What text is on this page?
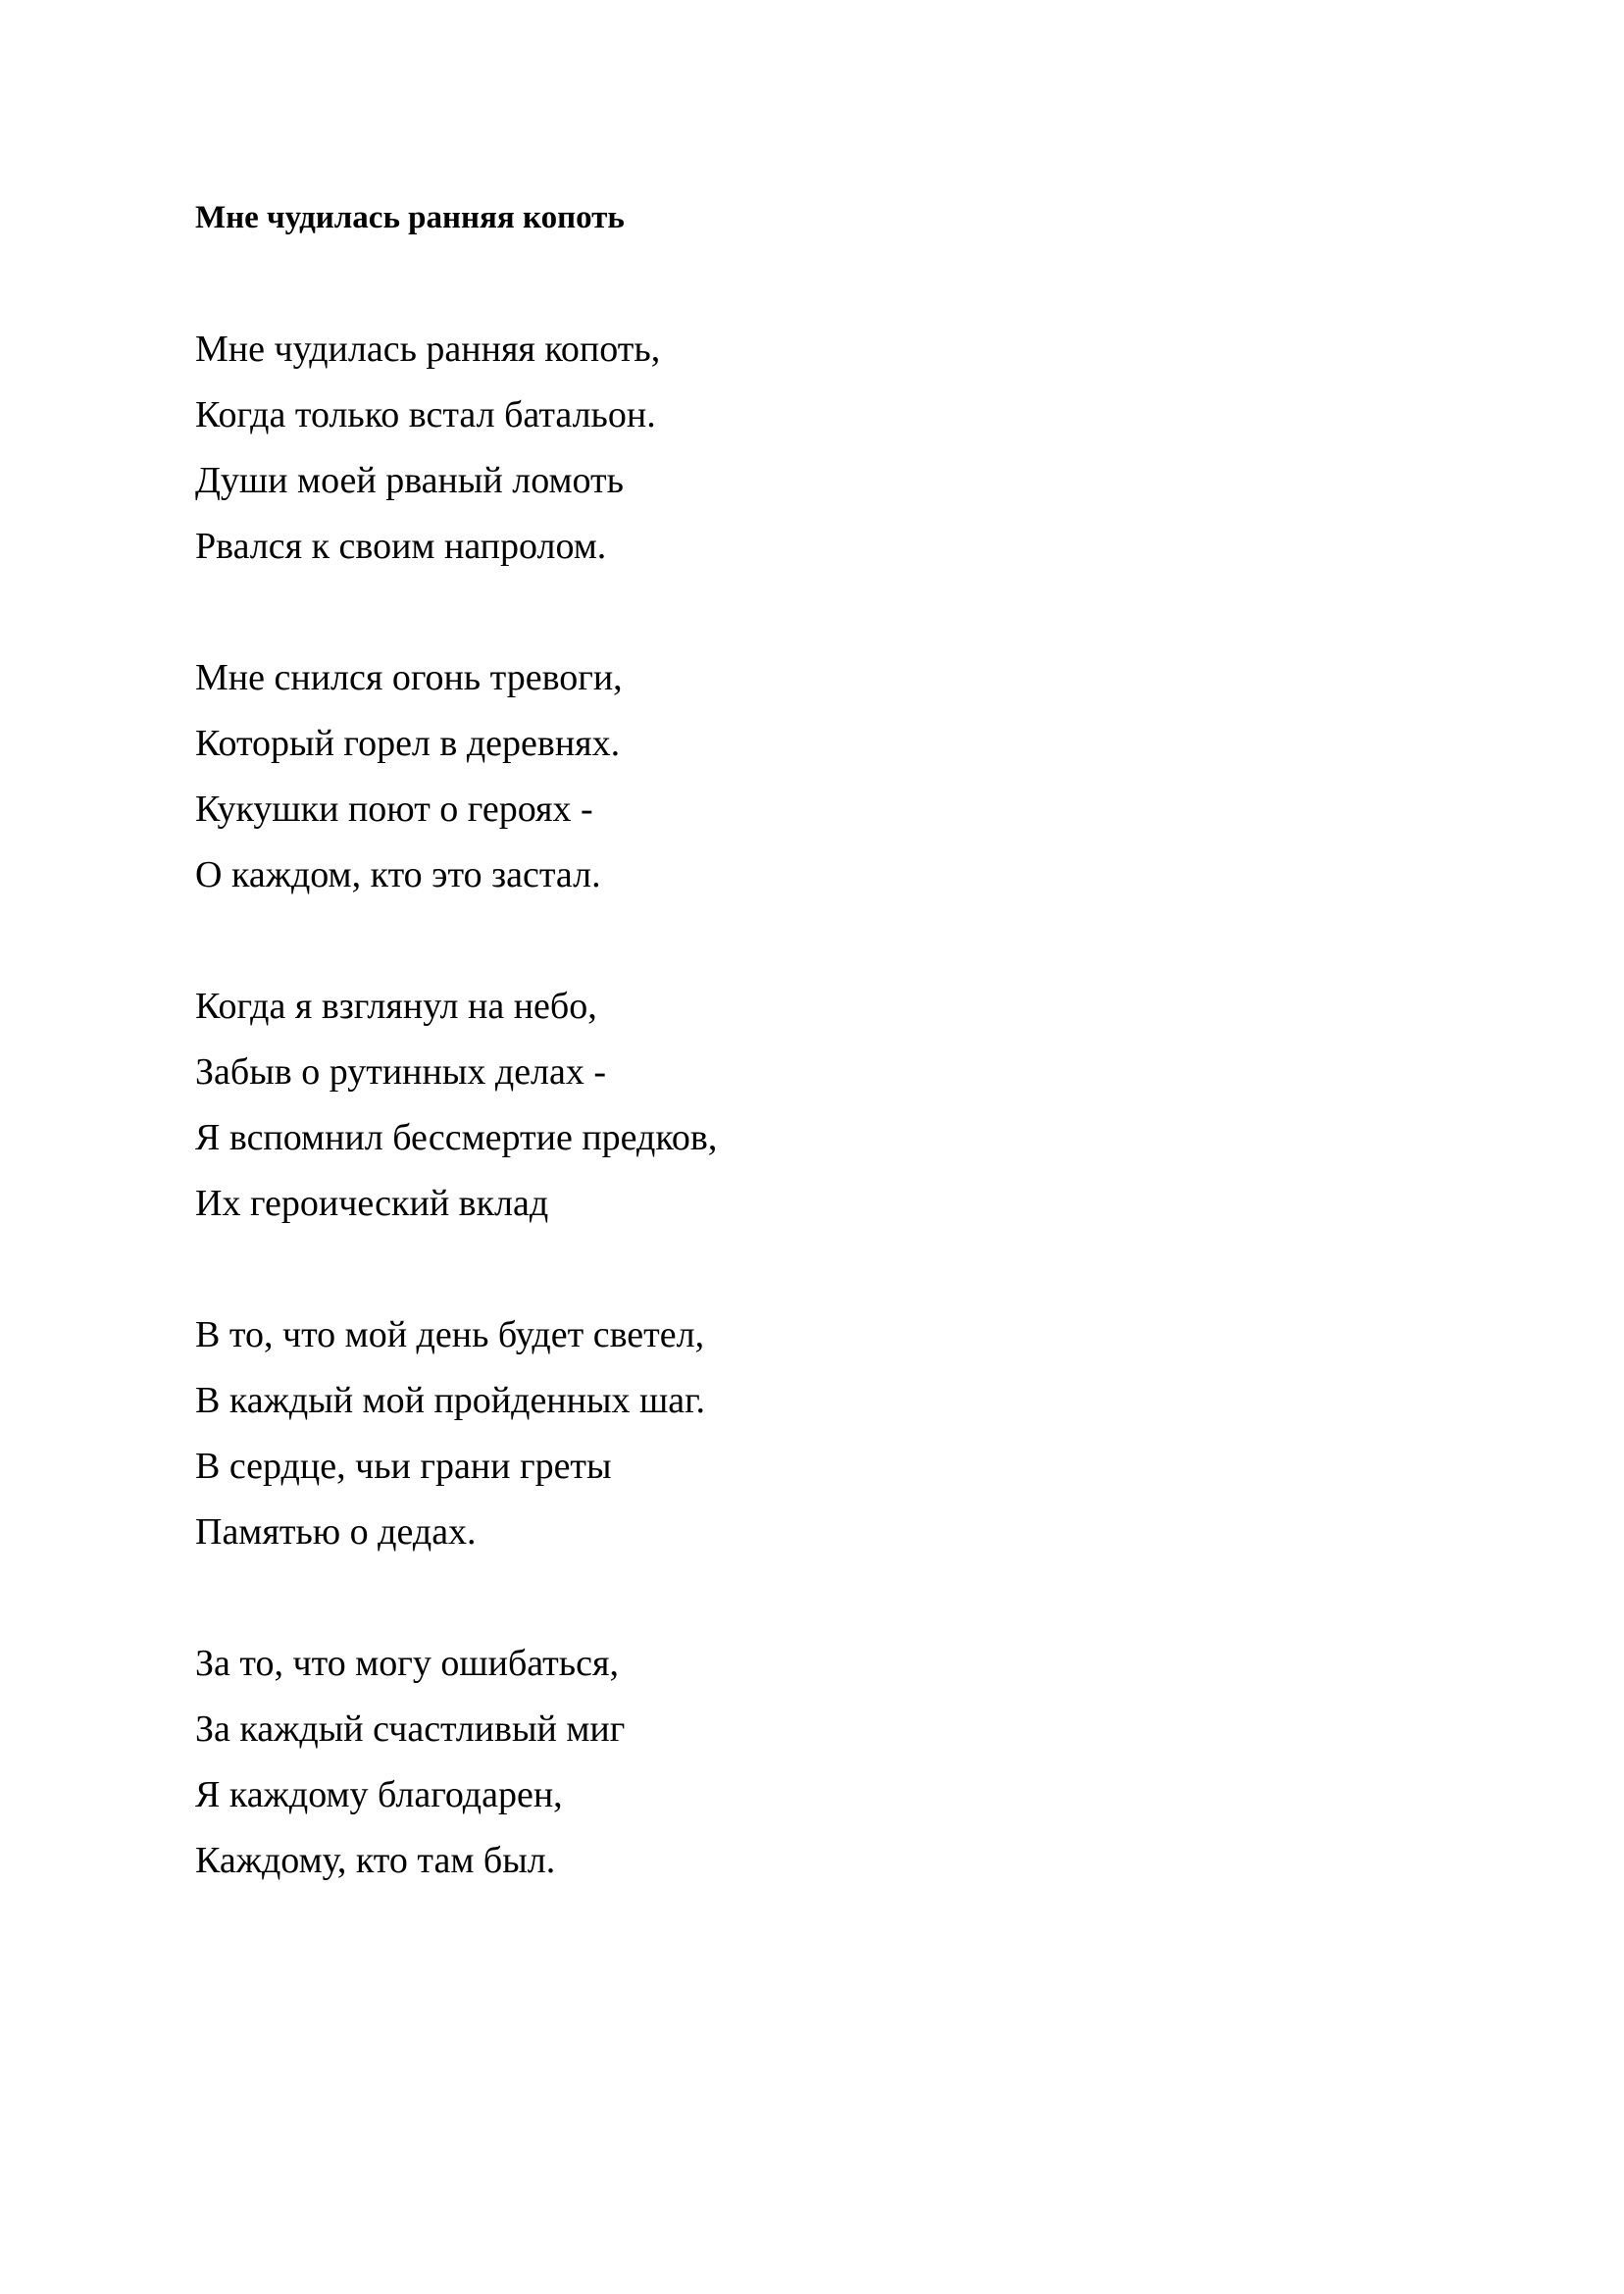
Мне чудилась ранняя копоть

Мне чудилась ранняя копоть,

Когда только встал батальон.

Души моей рваный ломоть

Рвался к своим напролом.

Мне снился огонь тревоги,

Который горел в деревнях.

Кукушки поют о героях -

О каждом, кто это застал.

Когда я взглянул на небо,

Забыв о рутинных делах -

Я вспомнил бессмертие предков,

Их героический вклад

В то, что мой день будет светел,

В каждый мой пройденных шаг.

В сердце, чьи грани греты

Памятью о дедах.

За то, что могу ошибаться,

За каждый счастливый миг

Я каждому благодарен,

Каждому, кто там был.
